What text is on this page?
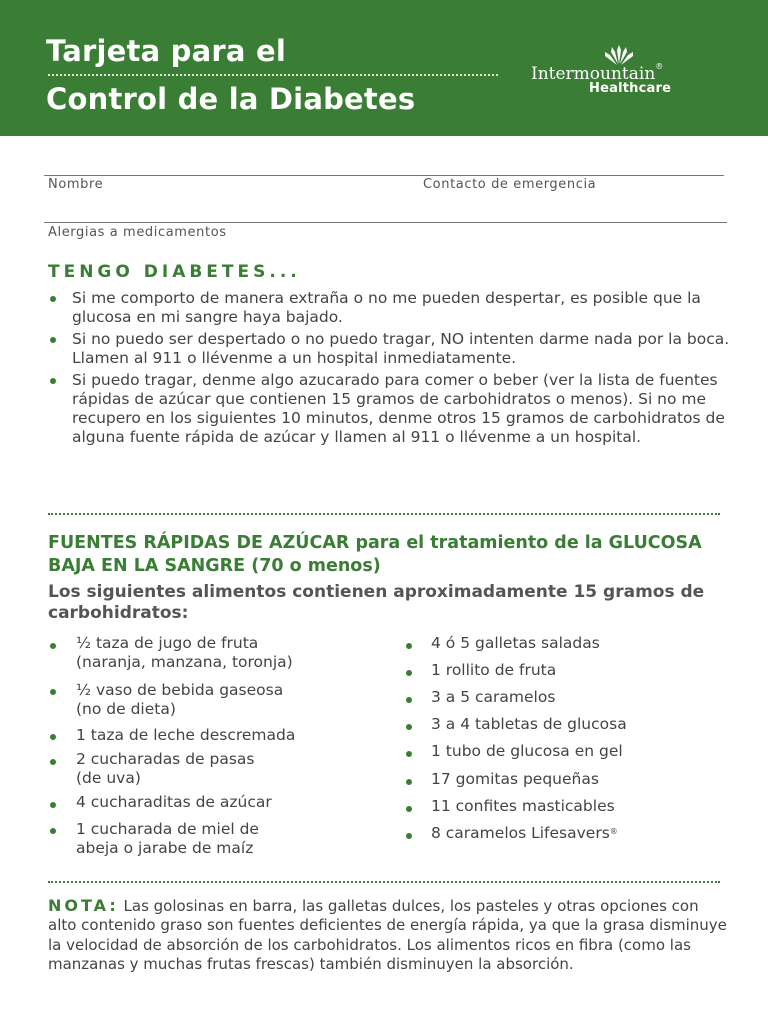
Tarjeta para el
Control de la Diabetes
Intermountain®
Healthcare
Nombre	Contacto de emergencia
Alergias a medicamentos
TENGO DIABETES...
Si me comporto de manera extraña o no me pueden despertar, es posible que la glucosa en mi sangre haya bajado.
Si no puedo ser despertado o no puedo tragar, NO intenten darme nada por la boca. Llamen al 911 o llévenme a un hospital inmediatamente.
Si puedo tragar, denme algo azucarado para comer o beber (ver la lista de fuentes rápidas de azúcar que contienen 15 gramos de carbohidratos o menos). Si no me recupero en los siguientes 10 minutos, denme otros 15 gramos de carbohidratos de alguna fuente rápida de azúcar y llamen al 911 o llévenme a un hospital.
FUENTES RÁPIDAS DE AZÚCAR para el tratamiento de la GLUCOSA BAJA EN LA SANGRE (70 o menos)
Los siguientes alimentos contienen aproximadamente 15 gramos de carbohidratos:
½ taza de jugo de fruta
(naranja, manzana, toronja)
½ vaso de bebida gaseosa
(no de dieta)
1 taza de leche descremada
2 cucharadas de pasas
(de uva)
4 cucharaditas de azúcar
1 cucharada de miel de
abeja o jarabe de maíz
4 ó 5 galletas saladas
1 rollito de fruta
3 a 5 caramelos
3 a 4 tabletas de glucosa
1 tubo de glucosa en gel
17 gomitas pequeñas
11 confites masticables
8 caramelos Lifesavers®
NOTA: Las golosinas en barra, las galletas dulces, los pasteles y otras opciones con alto contenido graso son fuentes deficientes de energía rápida, ya que la grasa disminuye la velocidad de absorción de los carbohidratos. Los alimentos ricos en fibra (como las manzanas y muchas frutas frescas) también disminuyen la absorción.
